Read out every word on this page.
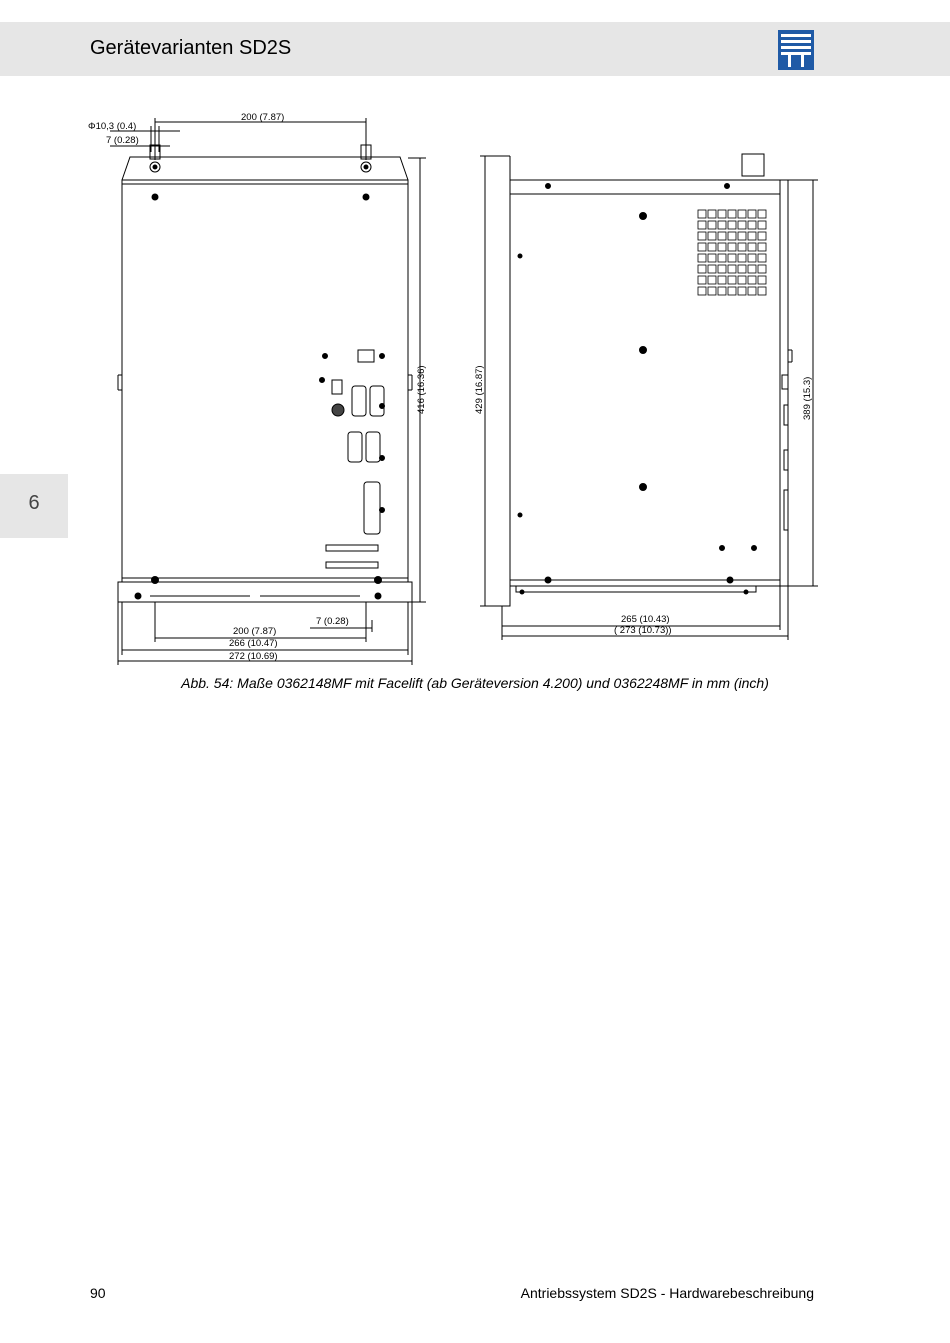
Gerätevarianten SD2S
6
Φ10,3 (0.4)
7 (0.28)
200 (7.87)
416 (16.36)
7 (0.28)
200 (7.87)
266 (10.47)
272 (10.69)
429 (16.87)	389 (15.3)
265 (10.43)
( 273 (10.73))
Abb. 54: Maße 0362148MF mit Facelift (ab Geräteversion 4.200) und 0362248MF in mm (inch)
90	Antriebssystem SD2S - Hardwarebeschreibung
